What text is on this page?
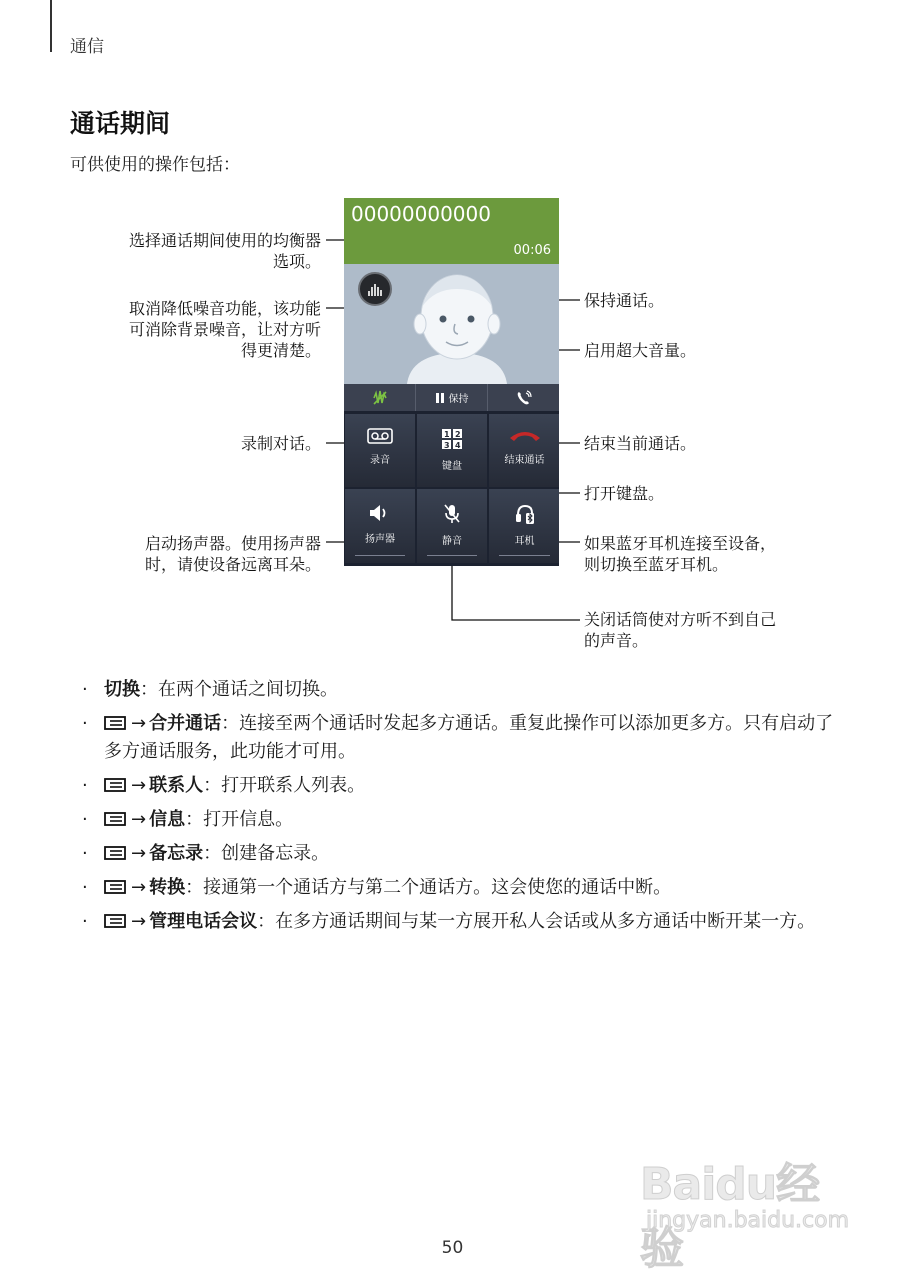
通信
通话期间

可供使用的操作包括：

00000000000
00:06
保持
录音
1 2
3 4
键盘
结束通话
扬声器	静音	耳机
选择通话期间使用的均衡器
选项。
取消降低噪音功能，该功能
可消除背景噪音，让对方听
得更清楚。
录制对话。
启动扬声器。使用扬声器
时，请使设备远离耳朵。
保持通话。
启用超大音量。
结束当前通话。
打开键盘。
如果蓝牙耳机连接至设备，
则切换至蓝牙耳机。
关闭话筒使对方听不到自己
的声音。
· 切换：在两个通话之间切换。
· → 合并通话：连接至两个通话时发起多方通话。重复此操作可以添加更多方。只有启动了多方通话服务，此功能才可用。
· → 联系人：打开联系人列表。
· → 信息：打开信息。
· → 备忘录：创建备忘录。
· → 转换：接通第一个通话方与第二个通话方。这会使您的通话中断。
· → 管理电话会议：在多方通话期间与某一方展开私人会话或从多方通话中断开某一方。
Baidu经验
jingyan.baidu.com
50
